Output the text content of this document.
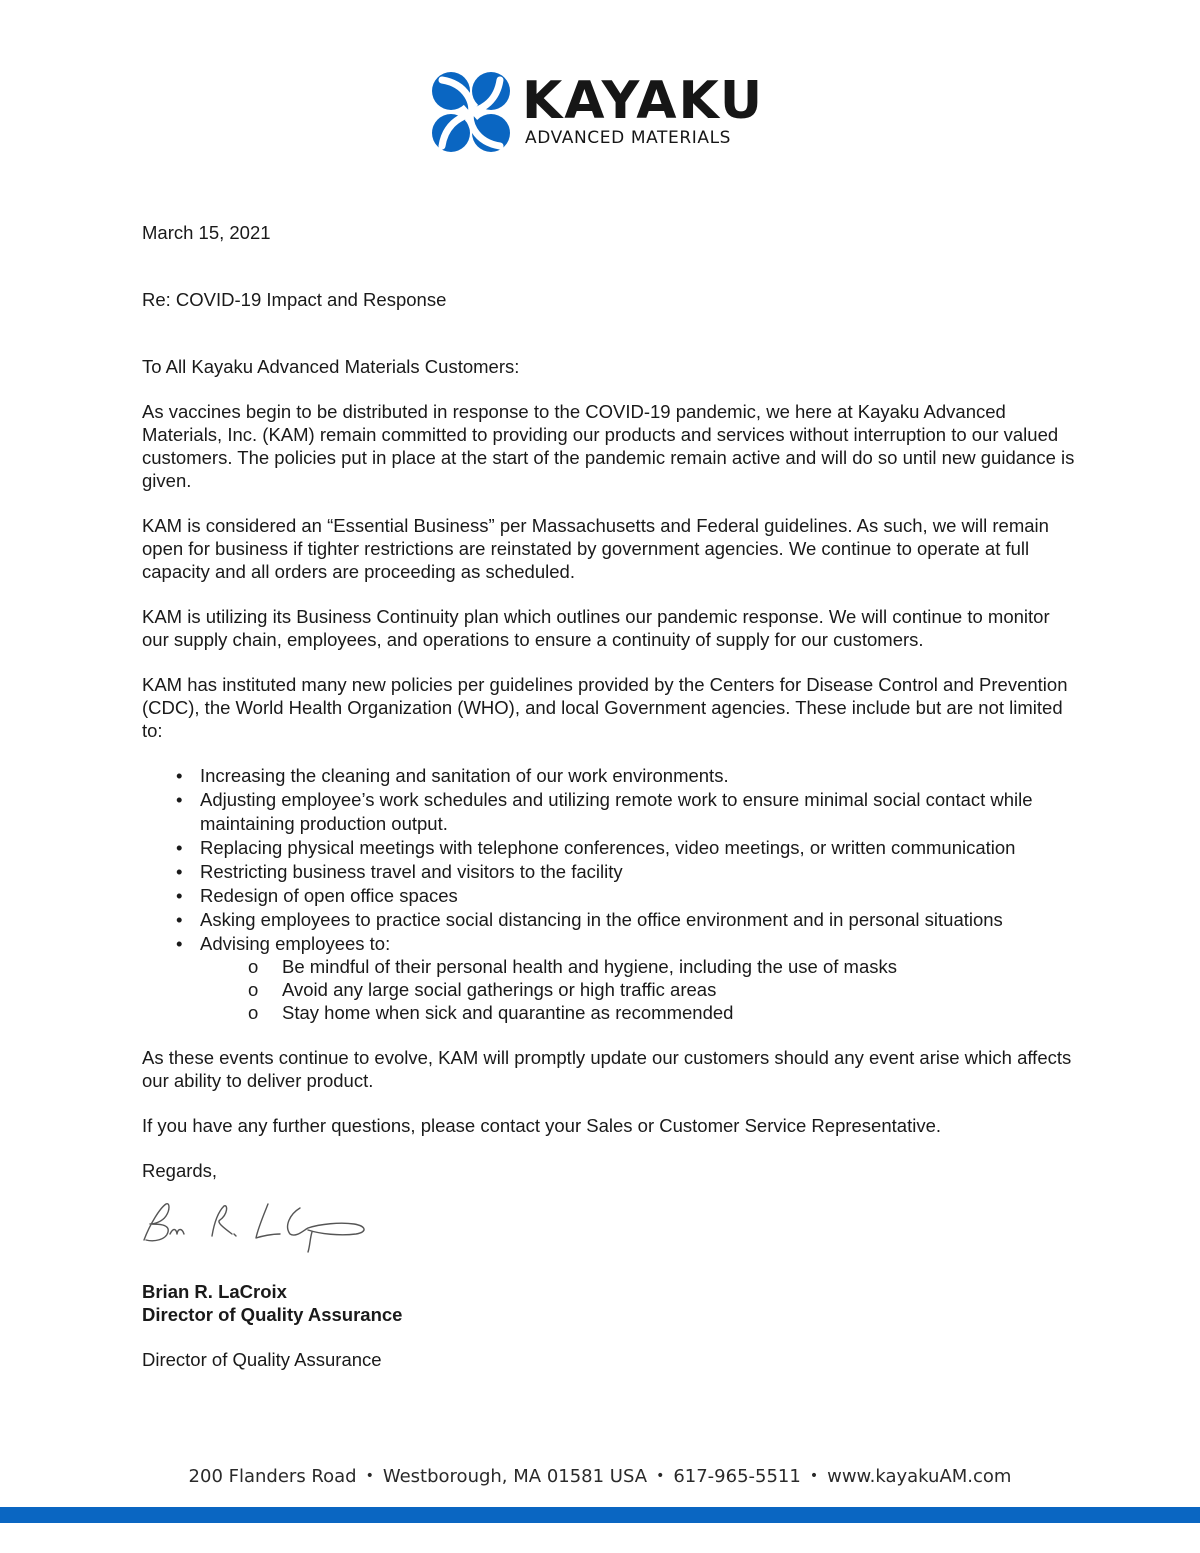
KAYAKU
ADVANCED MATERIALS

March 15, 2021

Re: COVID-19 Impact and Response

To All Kayaku Advanced Materials Customers:

As vaccines begin to be distributed in response to the COVID-19 pandemic, we here at Kayaku Advanced Materials, Inc. (KAM) remain committed to providing our products and services without interruption to our valued customers. The policies put in place at the start of the pandemic remain active and will do so until new guidance is given.

KAM is considered an “Essential Business” per Massachusetts and Federal guidelines. As such, we will remain open for business if tighter restrictions are reinstated by government agencies. We continue to operate at full capacity and all orders are proceeding as scheduled.

KAM is utilizing its Business Continuity plan which outlines our pandemic response. We will continue to monitor our supply chain, employees, and operations to ensure a continuity of supply for our customers.

KAM has instituted many new policies per guidelines provided by the Centers for Disease Control and Prevention (CDC), the World Health Organization (WHO), and local Government agencies. These include but are not limited to:

• Increasing the cleaning and sanitation of our work environments.
• Adjusting employee’s work schedules and utilizing remote work to ensure minimal social contact while maintaining production output.
• Replacing physical meetings with telephone conferences, video meetings, or written communication
• Restricting business travel and visitors to the facility
• Redesign of open office spaces
• Asking employees to practice social distancing in the office environment and in personal situations
• Advising employees to:
o Be mindful of their personal health and hygiene, including the use of masks
o Avoid any large social gatherings or high traffic areas
o Stay home when sick and quarantine as recommended

As these events continue to evolve, KAM will promptly update our customers should any event arise which affects our ability to deliver product.

If you have any further questions, please contact your Sales or Customer Service Representative.

Regards,

Brian R. LaCroix

Director of Quality Assurance

Director of Quality Assurance

200 Flanders Road • Westborough, MA 01581 USA • 617-965-5511 • www.kayakuAM.com
